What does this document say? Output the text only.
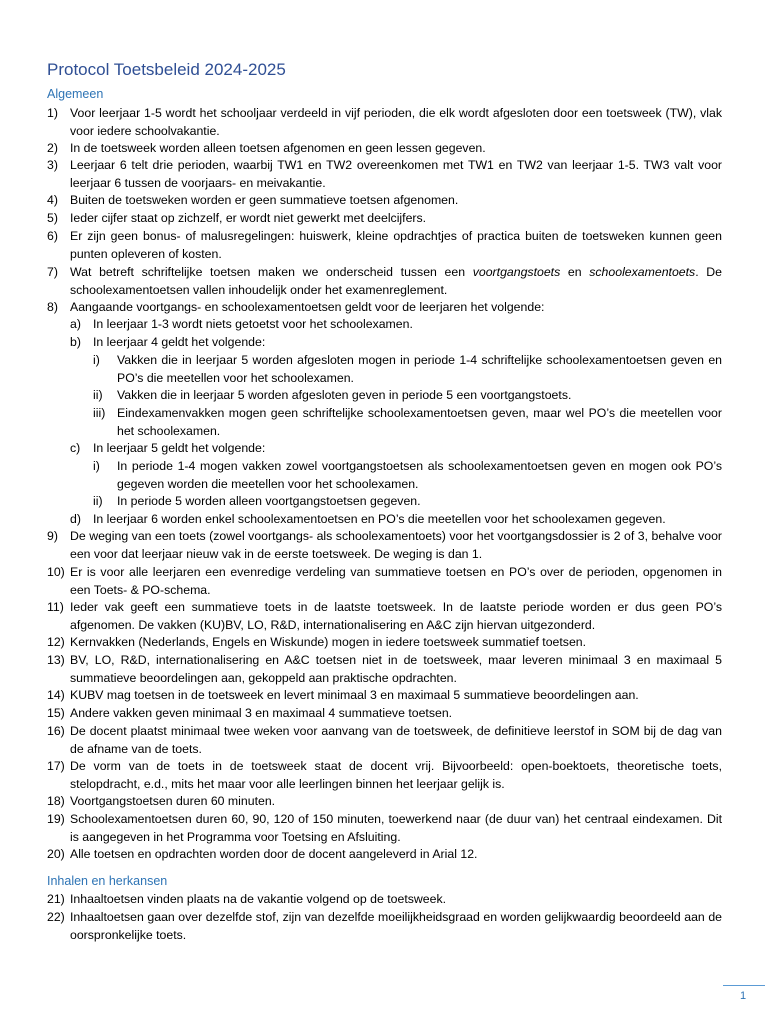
Protocol Toetsbeleid 2024-2025
Algemeen
1) Voor leerjaar 1-5 wordt het schooljaar verdeeld in vijf perioden, die elk wordt afgesloten door een toetsweek (TW), vlak voor iedere schoolvakantie.
2) In de toetsweek worden alleen toetsen afgenomen en geen lessen gegeven.
3) Leerjaar 6 telt drie perioden, waarbij TW1 en TW2 overeenkomen met TW1 en TW2 van leerjaar 1-5. TW3 valt voor leerjaar 6 tussen de voorjaars- en meivakantie.
4) Buiten de toetsweken worden er geen summatieve toetsen afgenomen.
5) Ieder cijfer staat op zichzelf, er wordt niet gewerkt met deelcijfers.
6) Er zijn geen bonus- of malusregelingen: huiswerk, kleine opdrachtjes of practica buiten de toetsweken kunnen geen punten opleveren of kosten.
7) Wat betreft schriftelijke toetsen maken we onderscheid tussen een voortgangstoets en schoolexamentoets. De schoolexamentoetsen vallen inhoudelijk onder het examenreglement.
8) Aangaande voortgangs- en schoolexamentoetsen geldt voor de leerjaren het volgende:
a) In leerjaar 1-3 wordt niets getoetst voor het schoolexamen.
b) In leerjaar 4 geldt het volgende:
i) Vakken die in leerjaar 5 worden afgesloten mogen in periode 1-4 schriftelijke schoolexamentoetsen geven en PO’s die meetellen voor het schoolexamen.
ii) Vakken die in leerjaar 5 worden afgesloten geven in periode 5 een voortgangstoets.
iii) Eindexamenvakken mogen geen schriftelijke schoolexamentoetsen geven, maar wel PO’s die meetellen voor het schoolexamen.
c) In leerjaar 5 geldt het volgende:
i) In periode 1-4 mogen vakken zowel voortgangstoetsen als schoolexamentoetsen geven en mogen ook PO’s gegeven worden die meetellen voor het schoolexamen.
ii) In periode 5 worden alleen voortgangstoetsen gegeven.
d) In leerjaar 6 worden enkel schoolexamentoetsen en PO’s die meetellen voor het schoolexamen gegeven.
9) De weging van een toets (zowel voortgangs- als schoolexamentoets) voor het voortgangsdossier is 2 of 3, behalve voor een voor dat leerjaar nieuw vak in de eerste toetsweek. De weging is dan 1.
10) Er is voor alle leerjaren een evenredige verdeling van summatieve toetsen en PO’s over de perioden, opgenomen in een Toets- & PO-schema.
11) Ieder vak geeft een summatieve toets in de laatste toetsweek. In de laatste periode worden er dus geen PO’s afgenomen. De vakken (KU)BV, LO, R&D, internationalisering en A&C zijn hiervan uitgezonderd.
12) Kernvakken (Nederlands, Engels en Wiskunde) mogen in iedere toetsweek summatief toetsen.
13) BV, LO, R&D, internationalisering en A&C toetsen niet in de toetsweek, maar leveren minimaal 3 en maximaal 5 summatieve beoordelingen aan, gekoppeld aan praktische opdrachten.
14) KUBV mag toetsen in de toetsweek en levert minimaal 3 en maximaal 5 summatieve beoordelingen aan.
15) Andere vakken geven minimaal 3 en maximaal 4 summatieve toetsen.
16) De docent plaatst minimaal twee weken voor aanvang van de toetsweek, de definitieve leerstof in SOM bij de dag van de afname van de toets.
17) De vorm van de toets in de toetsweek staat de docent vrij. Bijvoorbeeld: open-boektoets, theoretische toets, stelopdracht, e.d., mits het maar voor alle leerlingen binnen het leerjaar gelijk is.
18) Voortgangstoetsen duren 60 minuten.
19) Schoolexamentoetsen duren 60, 90, 120 of 150 minuten, toewerkend naar (de duur van) het centraal eindexamen. Dit is aangegeven in het Programma voor Toetsing en Afsluiting.
20) Alle toetsen en opdrachten worden door de docent aangeleverd in Arial 12.
Inhalen en herkansen
21) Inhaaltoetsen vinden plaats na de vakantie volgend op de toetsweek.
22) Inhaaltoetsen gaan over dezelfde stof, zijn van dezelfde moeilijkheidsgraad en worden gelijkwaardig beoordeeld aan de oorspronkelijke toets.
1
